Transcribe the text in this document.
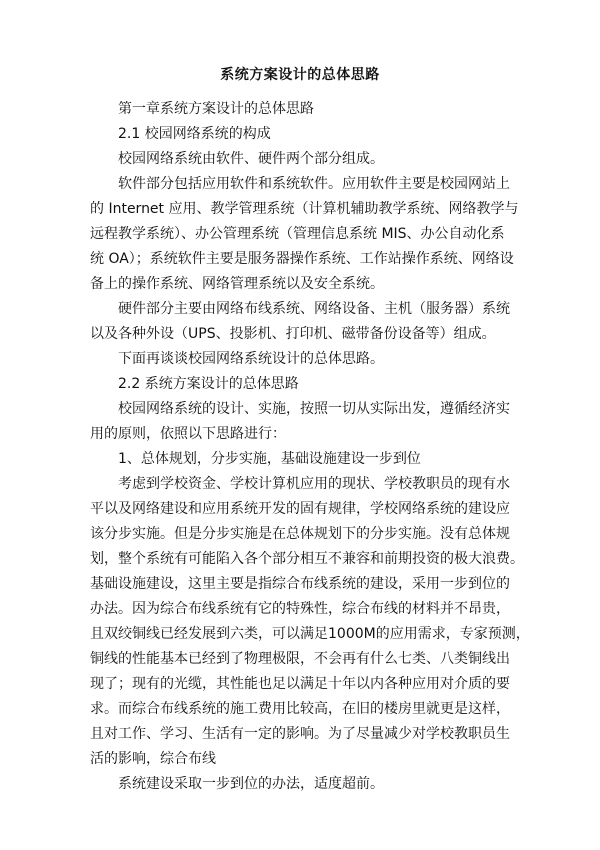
系统方案设计的总体思路
第一章系统方案设计的总体思路
2.1 校园网络系统的构成
校园网络系统由软件、硬件两个部分组成。
软件部分包括应用软件和系统软件。应用软件主要是校园网站上
的 Internet 应用、教学管理系统（计算机辅助教学系统、网络教学与
远程教学系统）、办公管理系统（管理信息系统 MIS、办公自动化系
统 OA）；系统软件主要是服务器操作系统、工作站操作系统、网络设
备上的操作系统、网络管理系统以及安全系统。
硬件部分主要由网络布线系统、网络设备、主机（服务器）系统
以及各种外设（UPS、投影机、打印机、磁带备份设备等）组成。
下面再谈谈校园网络系统设计的总体思路。
2.2 系统方案设计的总体思路
校园网络系统的设计、实施，按照一切从实际出发，遵循经济实
用的原则，依照以下思路进行：
1、总体规划，分步实施，基础设施建设一步到位
考虑到学校资金、学校计算机应用的现状、学校教职员的现有水
平以及网络建设和应用系统开发的固有规律，学校网络系统的建设应
该分步实施。但是分步实施是在总体规划下的分步实施。没有总体规
划，整个系统有可能陷入各个部分相互不兼容和前期投资的极大浪费。
基础设施建设，这里主要是指综合布线系统的建设，采用一步到位的
办法。因为综合布线系统有它的特殊性，综合布线的材料并不昂贵，
且双绞铜线已经发展到六类，可以满足1000M的应用需求，专家预测，
铜线的性能基本已经到了物理极限，不会再有什么七类、八类铜线出
现了；现有的光缆，其性能也足以满足十年以内各种应用对介质的要
求。而综合布线系统的施工费用比较高，在旧的楼房里就更是这样，
且对工作、学习、生活有一定的影响。为了尽量减少对学校教职员生
活的影响，综合布线
系统建设采取一步到位的办法，适度超前。
